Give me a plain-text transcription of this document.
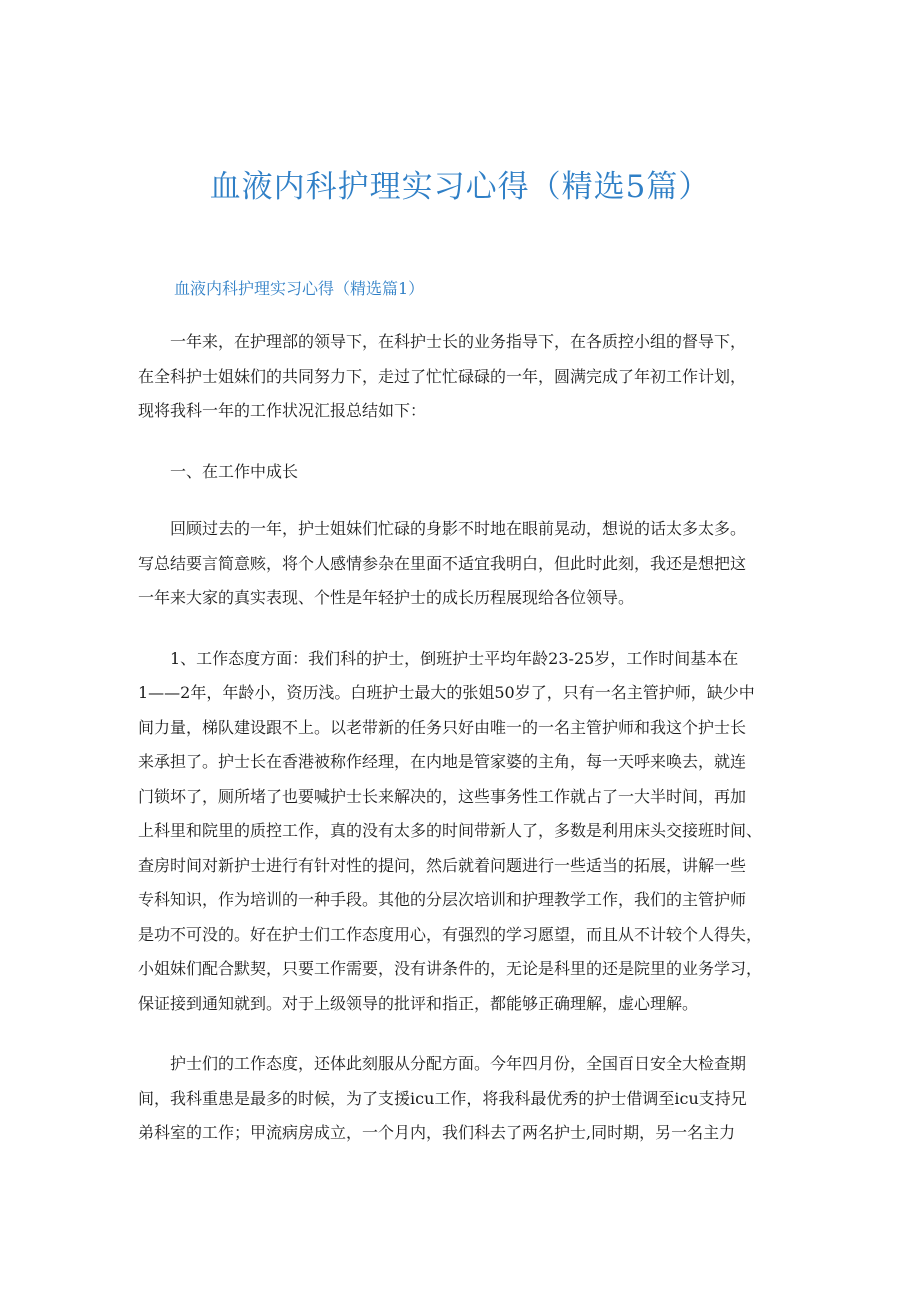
血液内科护理实习心得（精选5篇）
血液内科护理实习心得（精选篇1）

一年来，在护理部的领导下，在科护士长的业务指导下，在各质控小组的督导下，
在全科护士姐妹们的共同努力下，走过了忙忙碌碌的一年，圆满完成了年初工作计划，
现将我科一年的工作状况汇报总结如下：

一、在工作中成长

回顾过去的一年，护士姐妹们忙碌的身影不时地在眼前晃动，想说的话太多太多。
写总结要言简意赅，将个人感情参杂在里面不适宜我明白，但此时此刻，我还是想把这
一年来大家的真实表现、个性是年轻护士的成长历程展现给各位领导。

1、工作态度方面：我们科的护士，倒班护士平均年龄23-25岁，工作时间基本在
1——2年，年龄小，资历浅。白班护士最大的张姐50岁了，只有一名主管护师，缺少中
间力量，梯队建设跟不上。以老带新的任务只好由唯一的一名主管护师和我这个护士长
来承担了。护士长在香港被称作经理，在内地是管家婆的主角，每一天呼来唤去，就连
门锁坏了，厕所堵了也要喊护士长来解决的，这些事务性工作就占了一大半时间，再加
上科里和院里的质控工作，真的没有太多的时间带新人了，多数是利用床头交接班时间、
查房时间对新护士进行有针对性的提问，然后就着问题进行一些适当的拓展，讲解一些
专科知识，作为培训的一种手段。其他的分层次培训和护理教学工作，我们的主管护师
是功不可没的。好在护士们工作态度用心，有强烈的学习愿望，而且从不计较个人得失，
小姐妹们配合默契，只要工作需要，没有讲条件的，无论是科里的还是院里的业务学习，
保证接到通知就到。对于上级领导的批评和指正，都能够正确理解，虚心理解。

护士们的工作态度，还体此刻服从分配方面。今年四月份，全国百日安全大检查期
间，我科重患是最多的时候，为了支援icu工作，将我科最优秀的护士借调至icu支持兄
弟科室的工作；甲流病房成立，一个月内，我们科去了两名护士,同时期，另一名主力
